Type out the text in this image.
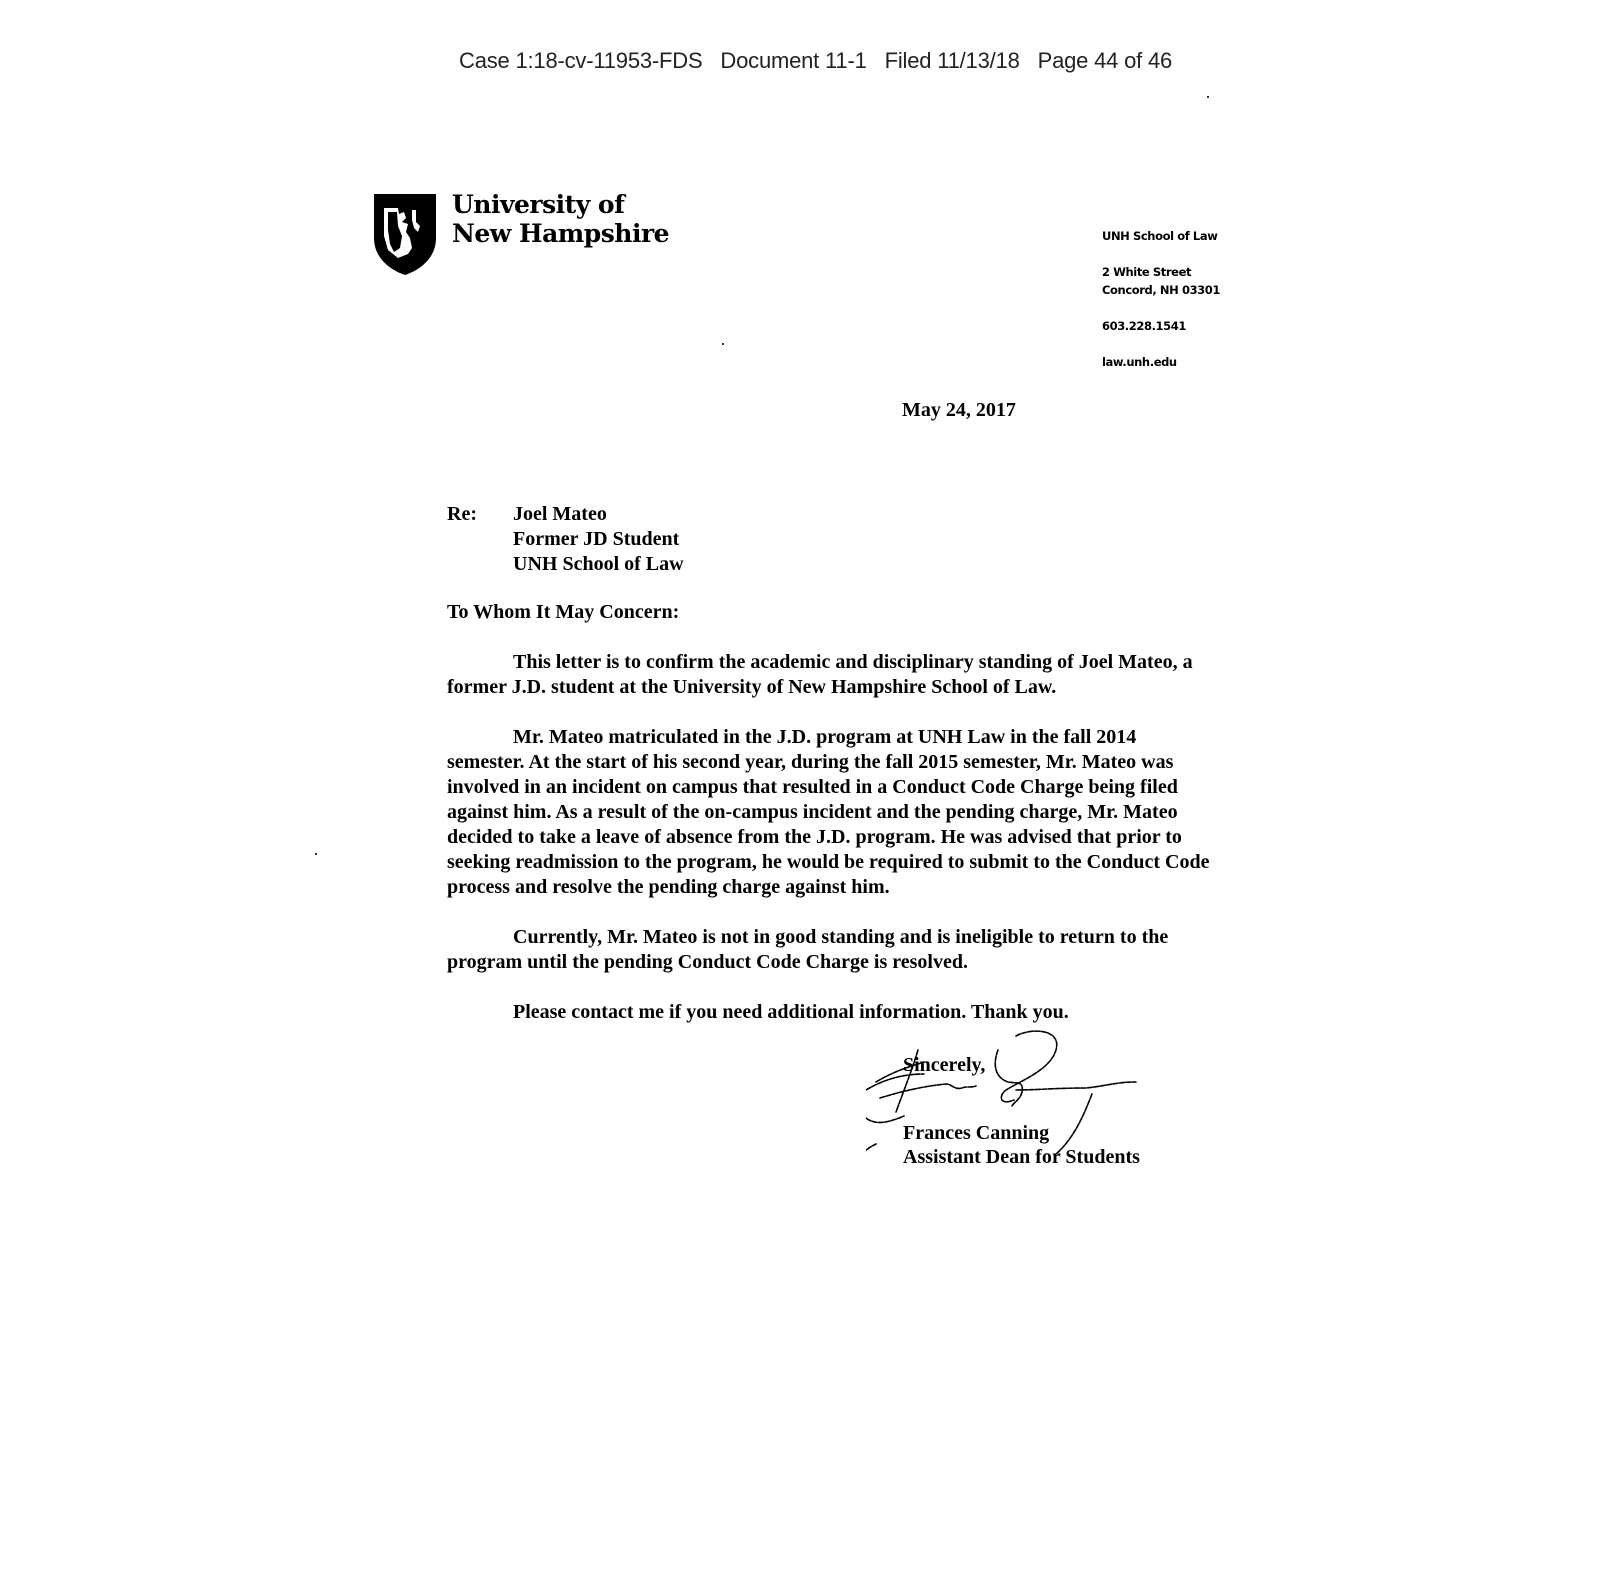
Case 1:18-cv-11953-FDS Document 11-1 Filed 11/13/18 Page 44 of 46
University of
New Hampshire	UNH School of Law
2 White Street
Concord, NH 03301
603.228.1541
law.unh.edu
May 24, 2017
Re:	Joel Mateo
Former JD Student
UNH School of Law
To Whom It May Concern:
This letter is to confirm the academic and disciplinary standing of Joel Mateo, a
former J.D. student at the University of New Hampshire School of Law.
Mr. Mateo matriculated in the J.D. program at UNH Law in the fall 2014
semester. At the start of his second year, during the fall 2015 semester, Mr. Mateo was
involved in an incident on campus that resulted in a Conduct Code Charge being filed
against him. As a result of the on-campus incident and the pending charge, Mr. Mateo
decided to take a leave of absence from the J.D. program. He was advised that prior to
seeking readmission to the program, he would be required to submit to the Conduct Code
process and resolve the pending charge against him.
Currently, Mr. Mateo is not in good standing and is ineligible to return to the
program until the pending Conduct Code Charge is resolved.
Please contact me if you need additional information. Thank you.
Sincerely,
Frances Canning
Assistant Dean for Students
